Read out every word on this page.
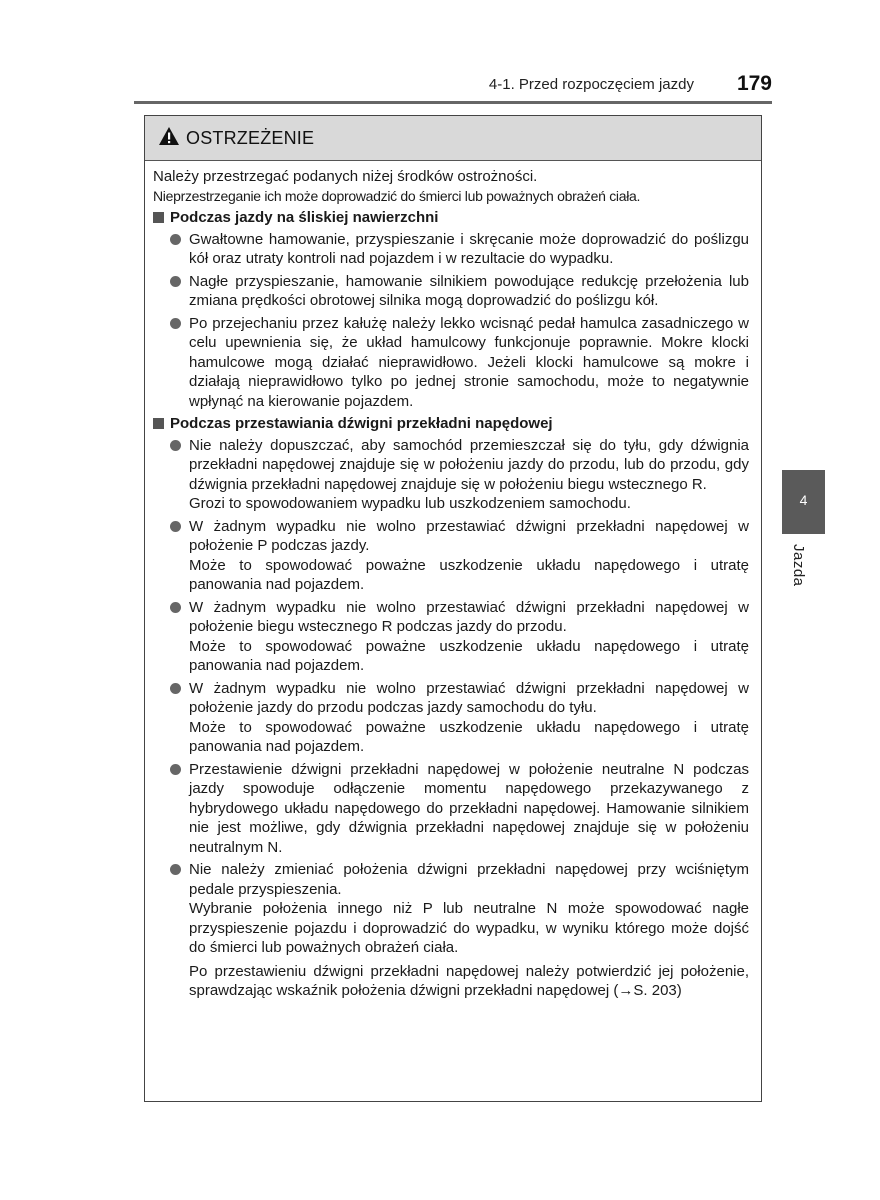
4-1. Przed rozpoczęciem jazdy 179
OSTRZEŻENIE

Należy przestrzegać podanych niżej środków ostrożności.

Nieprzestrzeganie ich może doprowadzić do śmierci lub poważnych obrażeń ciała.

Podczas jazdy na śliskiej nawierzchni

Gwałtowne hamowanie, przyspieszanie i skręcanie może doprowadzić do poślizgu kół oraz utraty kontroli nad pojazdem i w rezultacie do wypadku.

Nagłe przyspieszanie, hamowanie silnikiem powodujące redukcję przełożenia lub zmiana prędkości obrotowej silnika mogą doprowadzić do poślizgu kół.

Po przejechaniu przez kałużę należy lekko wcisnąć pedał hamulca zasadniczego w celu upewnienia się, że układ hamulcowy funkcjonuje poprawnie. Mokre klocki hamulcowe mogą działać nieprawidłowo. Jeżeli klocki hamulcowe są mokre i działają nieprawidłowo tylko po jednej stronie samochodu, może to negatywnie wpłynąć na kierowanie pojazdem.

Podczas przestawiania dźwigni przekładni napędowej

Nie należy dopuszczać, aby samochód przemieszczał się do tyłu, gdy dźwignia przekładni napędowej znajduje się w położeniu jazdy do przodu, lub do przodu, gdy dźwignia przekładni napędowej znajduje się w położeniu biegu wstecznego R.

Grozi to spowodowaniem wypadku lub uszkodzeniem samochodu.

W żadnym wypadku nie wolno przestawiać dźwigni przekładni napędowej w położenie P podczas jazdy.

Może to spowodować poważne uszkodzenie układu napędowego i utratę panowania nad pojazdem.

W żadnym wypadku nie wolno przestawiać dźwigni przekładni napędowej w położenie biegu wstecznego R podczas jazdy do przodu.

Może to spowodować poważne uszkodzenie układu napędowego i utratę panowania nad pojazdem.

W żadnym wypadku nie wolno przestawiać dźwigni przekładni napędowej w położenie jazdy do przodu podczas jazdy samochodu do tyłu.

Może to spowodować poważne uszkodzenie układu napędowego i utratę panowania nad pojazdem.

Przestawienie dźwigni przekładni napędowej w położenie neutralne N podczas jazdy spowoduje odłączenie momentu napędowego przekazywanego z hybrydowego układu napędowego do przekładni napędowej. Hamowanie silnikiem nie jest możliwe, gdy dźwignia przekładni napędowej znajduje się w położeniu neutralnym N.

Nie należy zmieniać położenia dźwigni przekładni napędowej przy wciśniętym pedale przyspieszenia.

Wybranie położenia innego niż P lub neutralne N może spowodować nagłe przyspieszenie pojazdu i doprowadzić do wypadku, w wyniku którego może dojść do śmierci lub poważnych obrażeń ciała.

Po przestawieniu dźwigni przekładni napędowej należy potwierdzić jej położenie, sprawdzając wskaźnik położenia dźwigni przekładni napędowej (→S. 203)

4
Jazda
